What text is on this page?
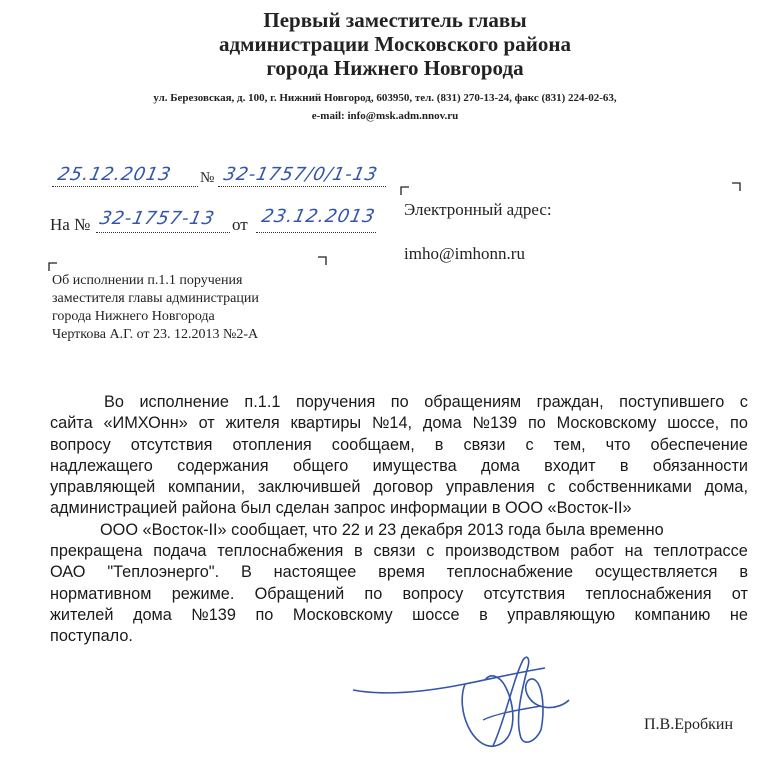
Первый заместитель главы
администрации Московского района
города Нижнего Новгорода
ул. Березовская, д. 100, г. Нижний Новгород, 603950, тел. (831) 270-13-24, факс (831) 224-02-63,
e-mail: info@msk.adm.nnov.ru
25.12.2013 № 32-1757/0/1-13
На № 32-1757-13 от 23.12.2013 Электронный адрес:
imho@imhonn.ru
Об исполнении п.1.1 поручения
заместителя главы администрации
города Нижнего Новгорода
Черткова А.Г. от 23. 12.2013 №2-А
Во исполнение п.1.1 поручения по обращениям граждан, поступившего с
сайта «ИМХОнн» от жителя квартиры №14, дома №139 по Московскому шоссе, по
вопросу отсутствия отопления сообщаем, в связи с тем, что обеспечение
надлежащего содержания общего имущества дома входит в обязанности
управляющей компании, заключившей договор управления с собственниками дома,
администрацией района был сделан запрос информации в ООО «Восток-II»
ООО «Восток-II» сообщает, что 22 и 23 декабря 2013 года была временно
прекращена подача теплоснабжения в связи с производством работ на теплотрассе
ОАО "Теплоэнерго". В настоящее время теплоснабжение осуществляется в
нормативном режиме. Обращений по вопросу отсутствия теплоснабжения от
жителей дома №139 по Московскому шоссе в управляющую компанию не
поступало.
П.В.Еробкин
